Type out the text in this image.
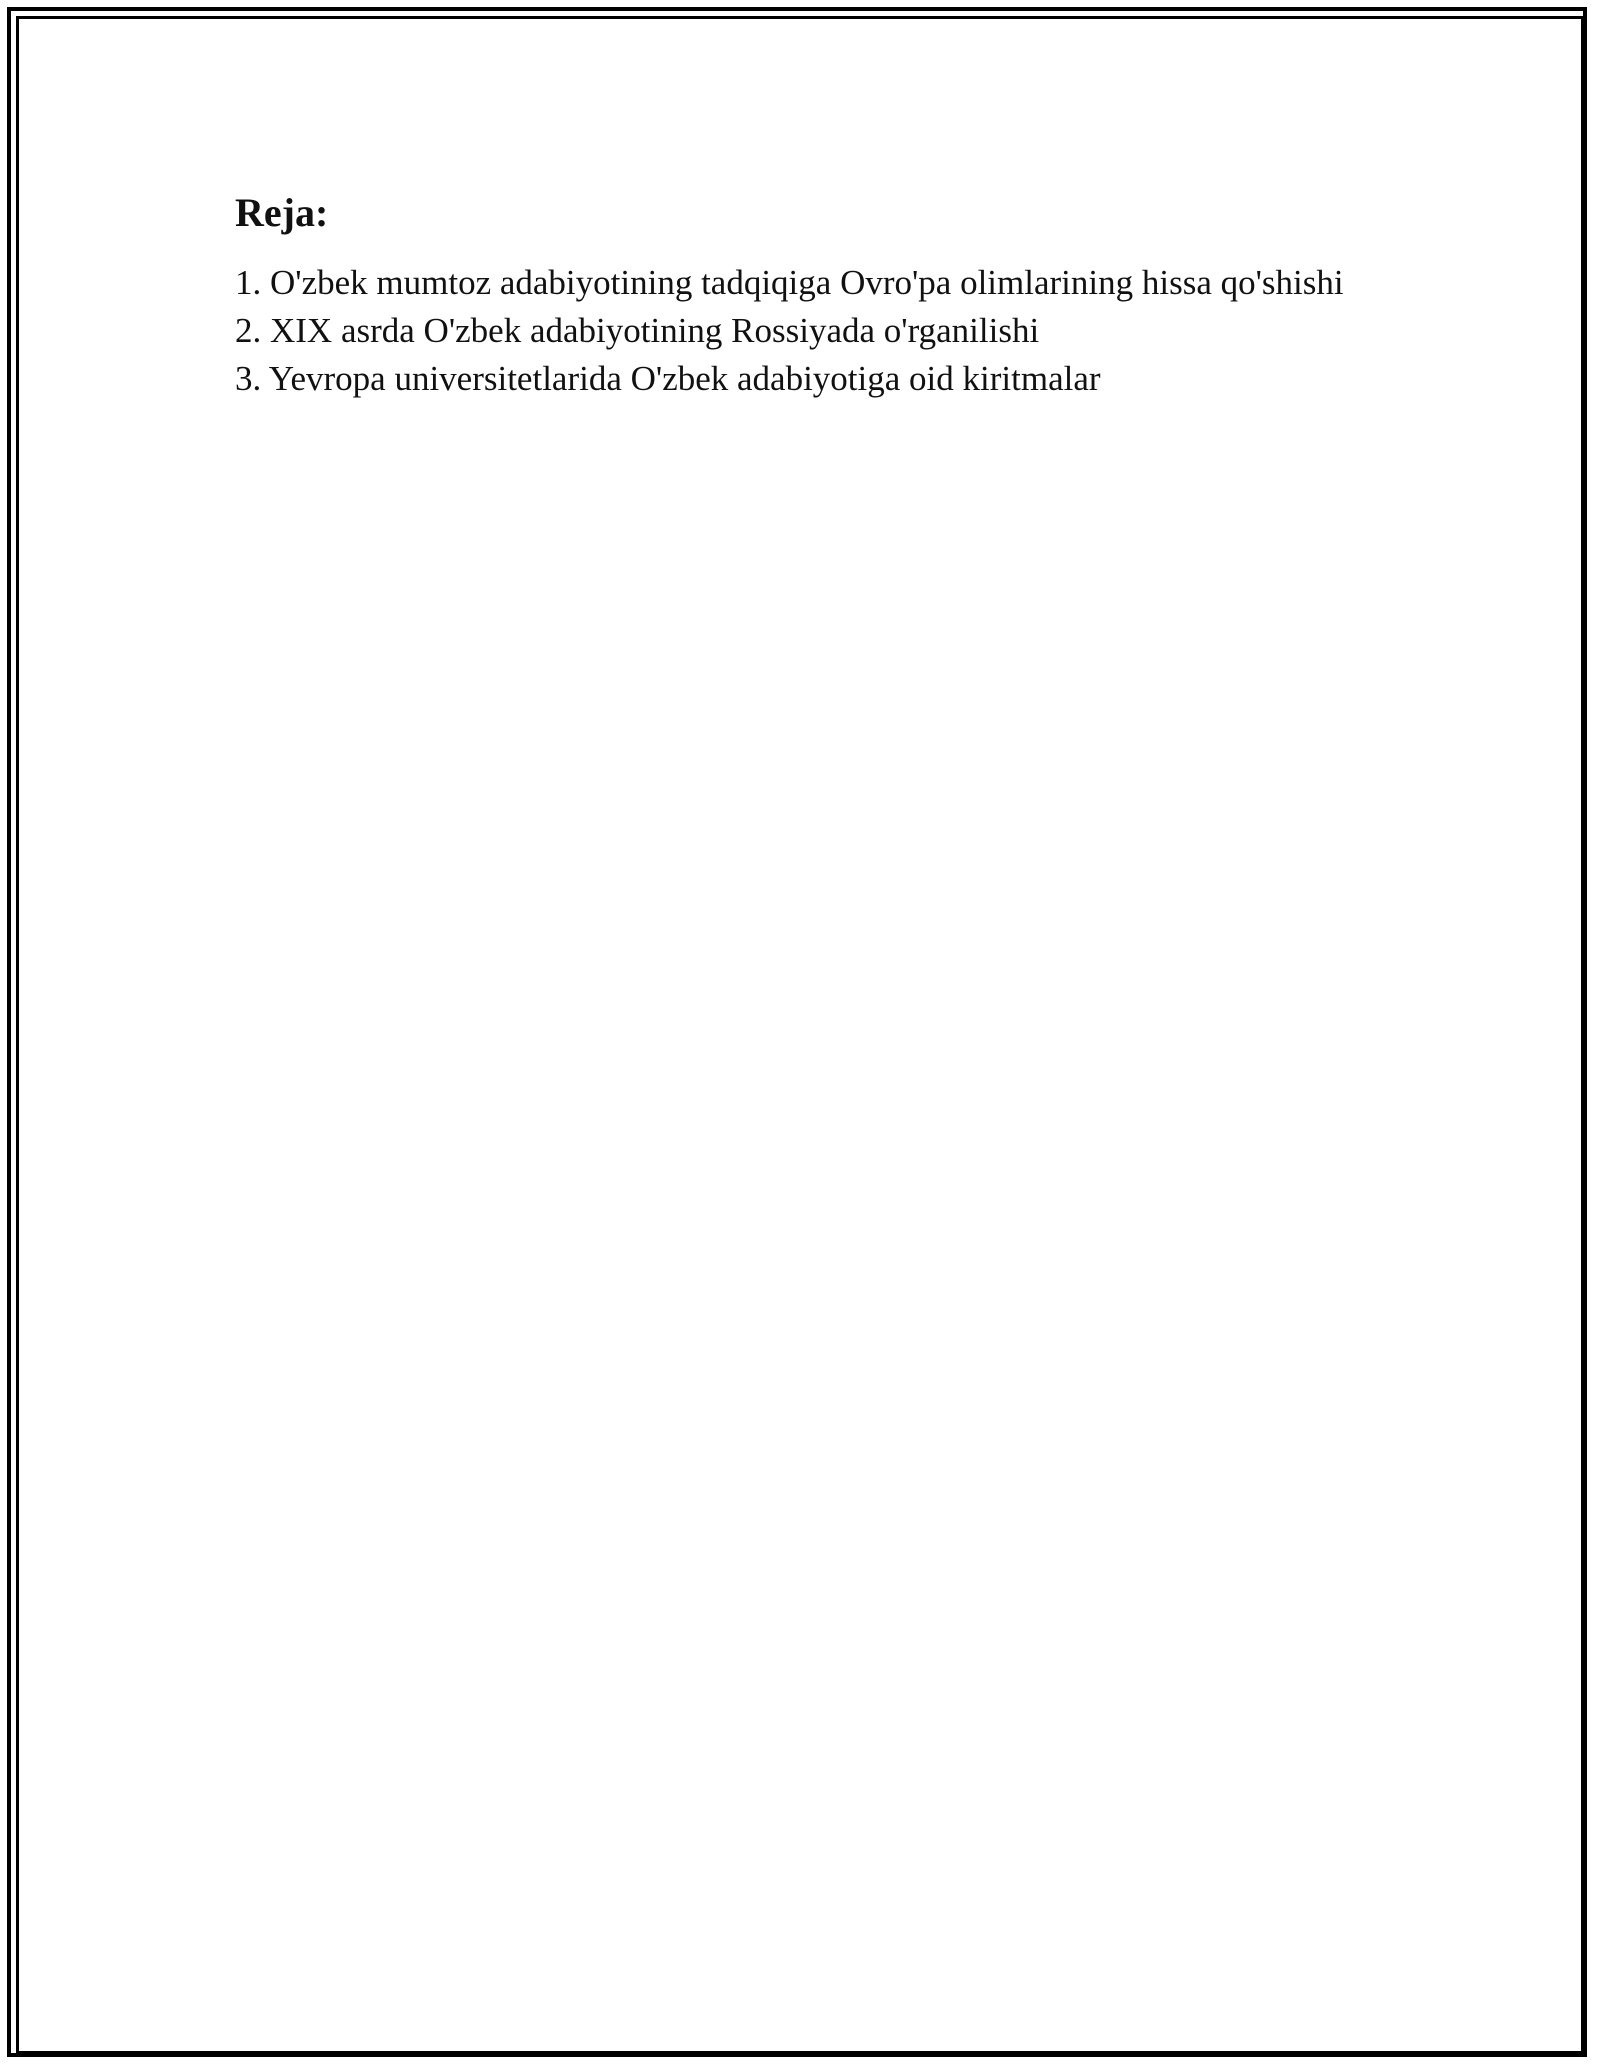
Reja:
1. O'zbek mumtoz adabiyotining tadqiqiga Ovro'pa olimlarining hissa qo'shishi
2. XIX asrda O'zbek adabiyotining Rossiyada o'rganilishi
3. Yevropa universitetlarida O'zbek adabiyotiga oid kiritmalar
